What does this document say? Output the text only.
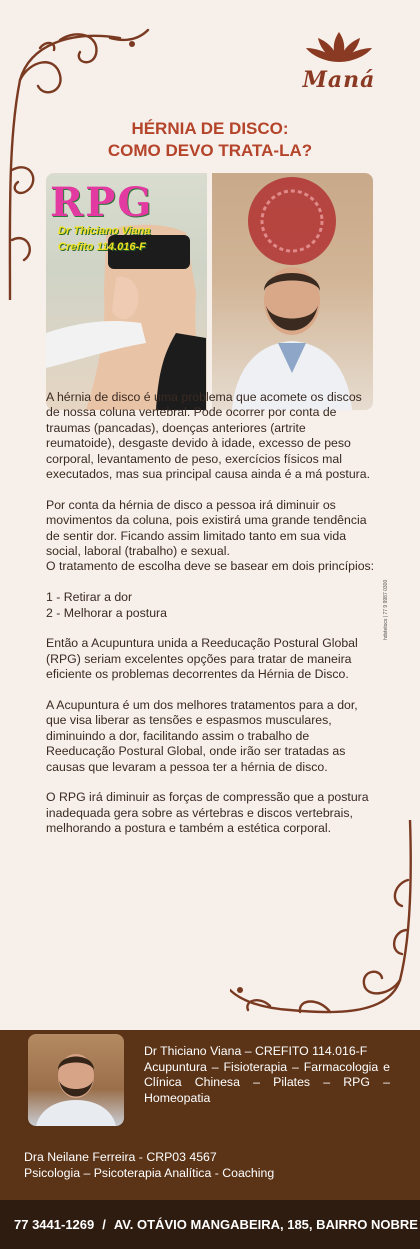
Maná
HÉRNIA DE DISCO:
COMO DEVO TRATA-LA?
RPG
Dr Thiciano Viana
Crefito 114.016-F

A hérnia de disco é uma problema que acomete os discos de nossa coluna vertebral. Pode ocorrer por conta de traumas (pancadas), doenças anteriores (artrite reumatoide), desgaste devido à idade, excesso de peso corporal, levantamento de peso, exercícios físicos mal executados, mas sua principal causa ainda é a má postura.

Por conta da hérnia de disco a pessoa irá diminuir os movimentos da coluna, pois existirá uma grande tendência de sentir dor. Ficando assim limitado tanto em sua vida social, laboral (trabalho) e sexual.

O tratamento de escolha deve se basear em dois princípios:

1 - Retirar a dor

2 - Melhorar a postura

Então a Acupuntura unida a Reeducação Postural Global (RPG) seriam excelentes opções para tratar de maneira eficiente os problemas decorrentes da Hérnia de Disco.

A Acupuntura é um dos melhores tratamentos para a dor, que visa liberar as tensões e espasmos musculares, diminuindo a dor, facilitando assim o trabalho de Reeducação Postural Global, onde irão ser tratadas as causas que levaram a pessoa ter a hérnia de disco.

O RPG irá diminuir as forças de compressão que a postura inadequada gera sobre as vértebras e discos vertebrais, melhorando a postura e também a estética corporal.

hdstetocs | 77 9 9987 0300
Dr Thiciano Viana – CREFITO 114.016-F
Acupuntura – Fisioterapia – Farmacologia e Clínica Chinesa – Pilates – RPG – Homeopatia
Dra Neilane Ferreira - CRP03 4567
Psicologia – Psicoterapia Analítica - Coaching
77 3441-1269 / AV. OTÁVIO MANGABEIRA, 185, BAIRRO NOBRE
